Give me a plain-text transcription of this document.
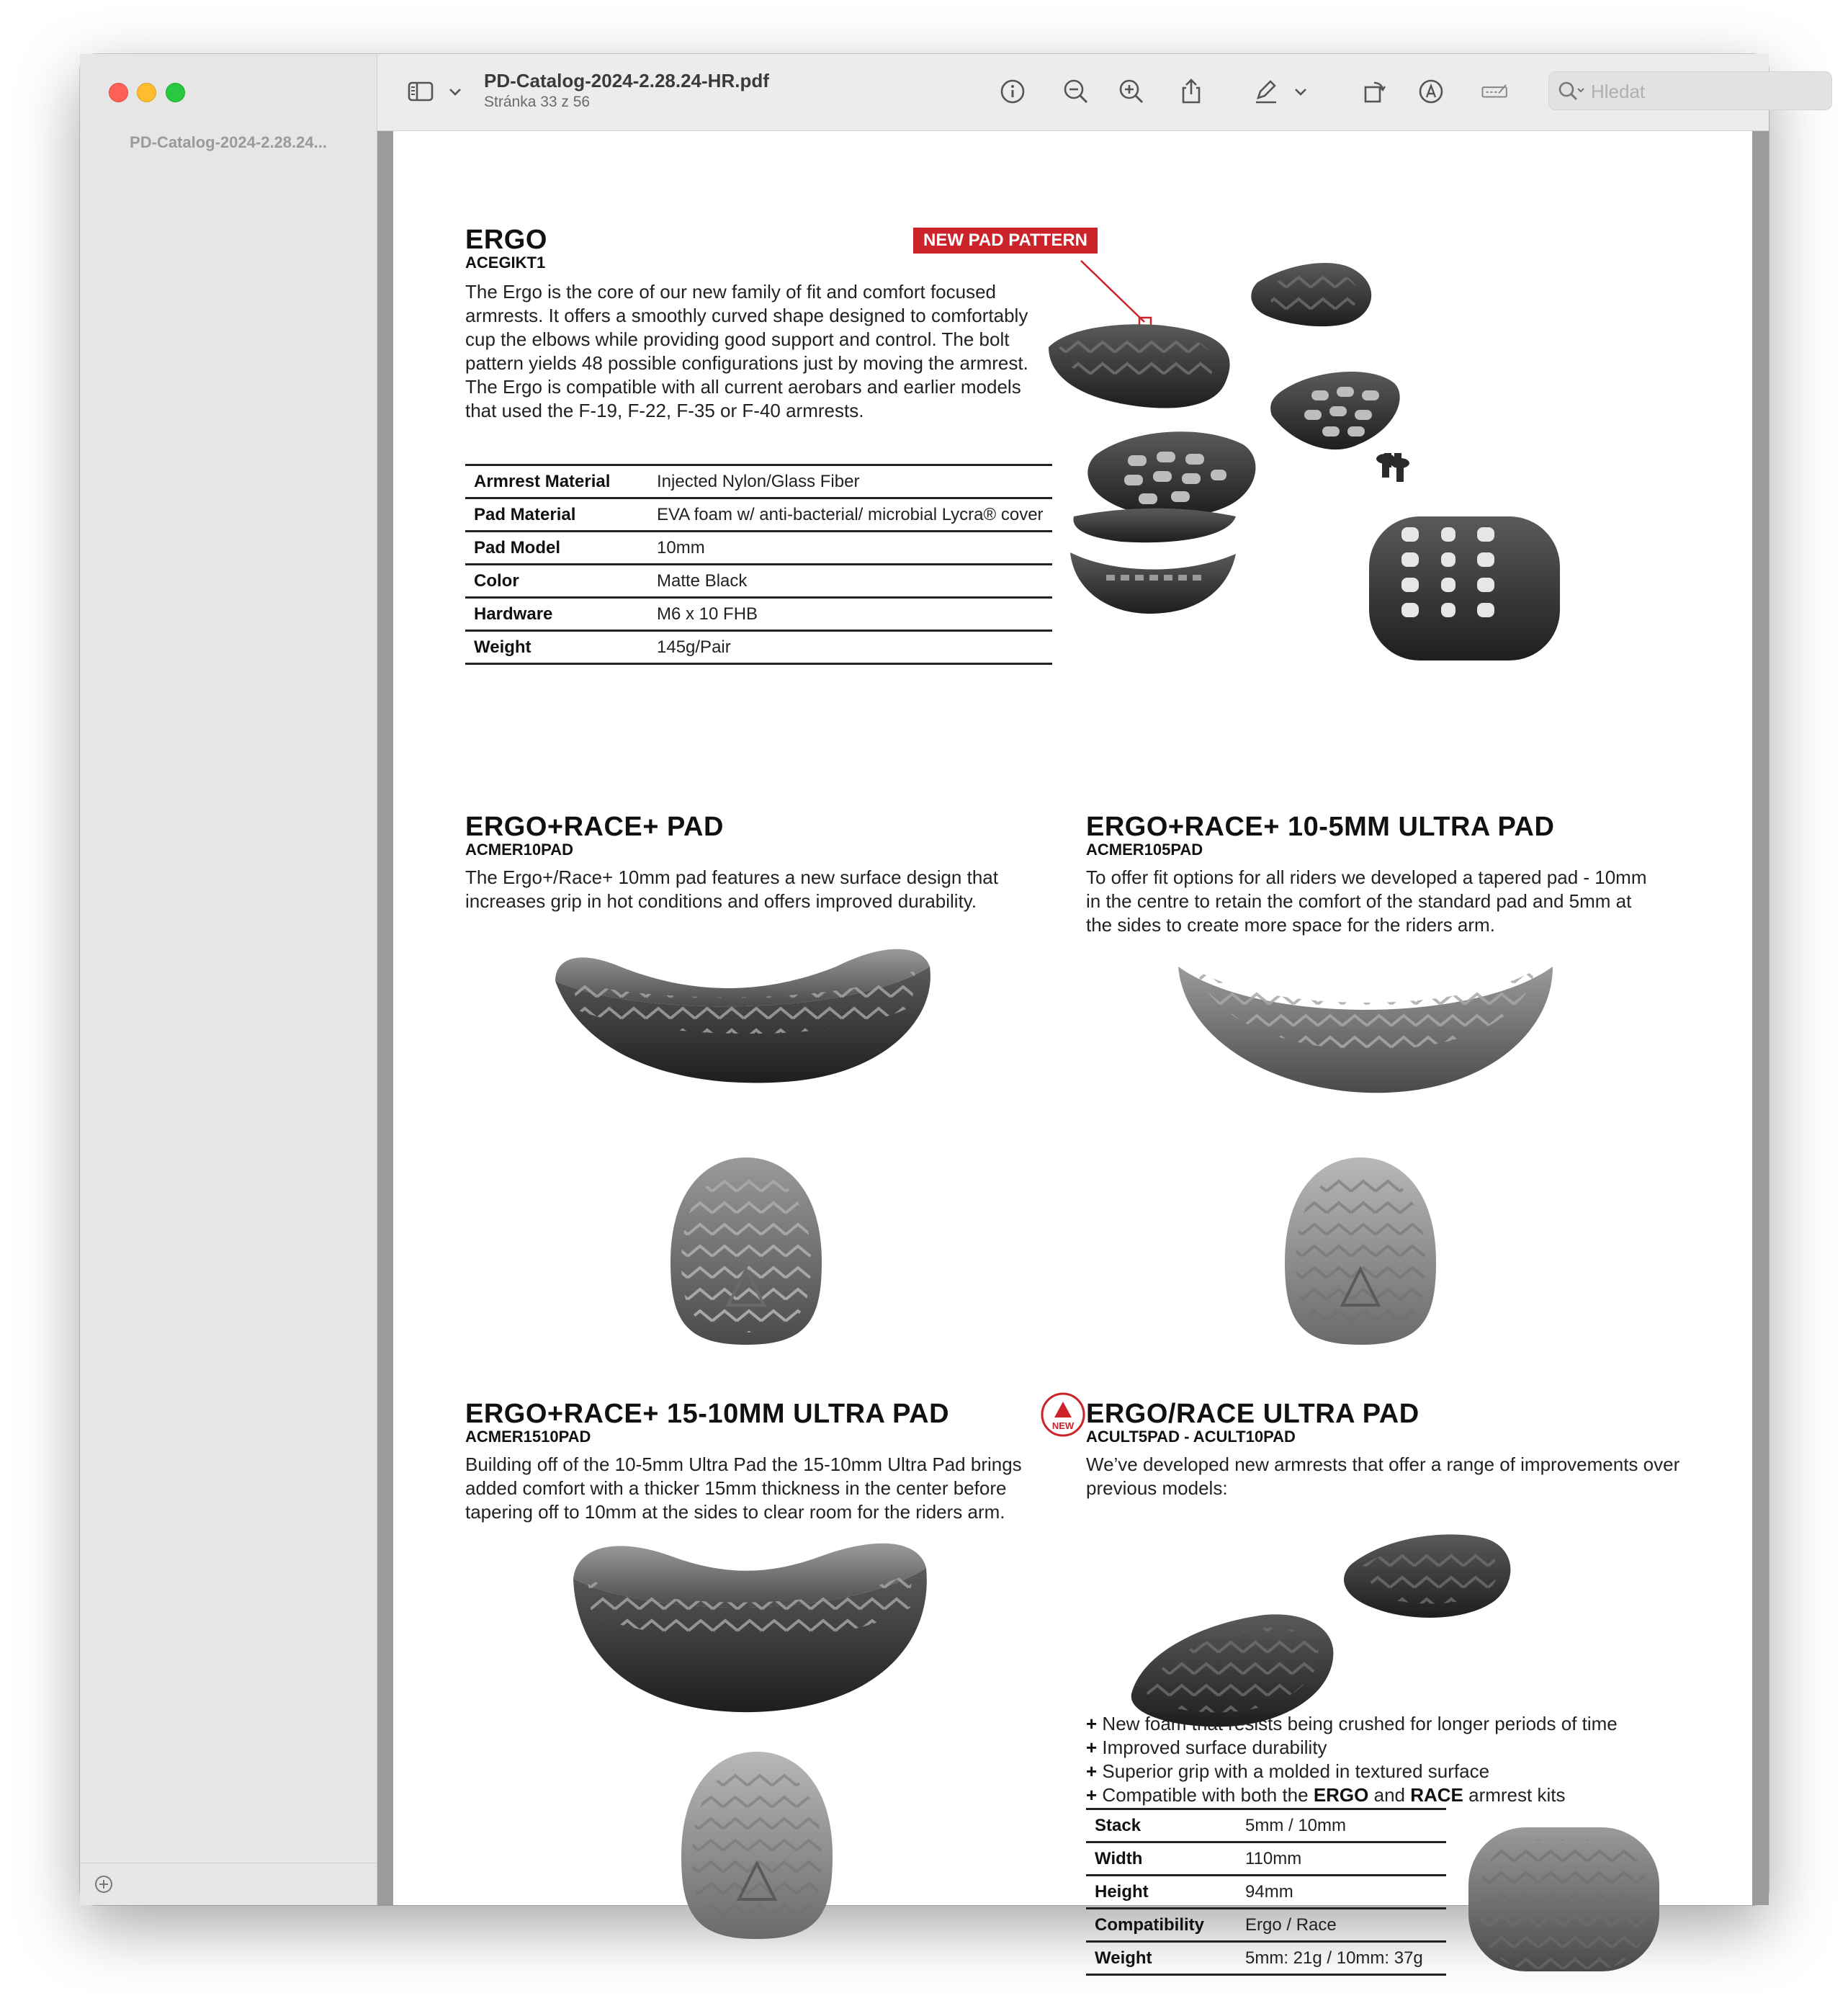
PD-Catalog-2024-2.28.24...
PD-Catalog-2024-2.28.24-HR.pdf
Stránka 33 z 56
Hledat
ERGO
ACEGIKT1
The Ergo is the core of our new family of fit and comfort focused armrests. It offers a smoothly curved shape designed to comfortably cup the elbows while providing good support and control. The bolt pattern yields 48 possible configurations just by moving the armrest. The Ergo is compatible with all current aerobars and earlier models that used the F-19, F-22, F-35 or F-40 armrests.
Armrest Material	Injected Nylon/Glass Fiber
Pad Material	EVA foam w/ anti-bacterial/ microbial Lycra® cover
Pad Model	10mm
Color	Matte Black
Hardware	M6 x 10 FHB
Weight	145g/Pair
NEW PAD PATTERN
ERGO+RACE+ PAD
ACMER10PAD
The Ergo+/Race+ 10mm pad features a new surface design that increases grip in hot conditions and offers improved durability.
ERGO+RACE+ 10-5MM ULTRA PAD
ACMER105PAD
To offer fit options for all riders we developed a tapered pad - 10mm in the centre to retain the comfort of the standard pad and 5mm at the sides to create more space for the riders arm.
ERGO+RACE+ 15-10MM ULTRA PAD	NEW
ACMER1510PAD
Building off of the 10-5mm Ultra Pad the 15-10mm Ultra Pad brings added comfort with a thicker 15mm thickness in the center before tapering off to 10mm at the sides to clear room for the riders arm.
ERGO/RACE ULTRA PAD
ACULT5PAD - ACULT10PAD
We’ve developed new armrests that offer a range of improvements over previous models:
+ New foam that resists being crushed for longer periods of time
+ Improved surface durability
+ Superior grip with a molded in textured surface
+ Compatible with both the ERGO and RACE armrest kits
Stack	5mm / 10mm
Width	110mm
Height	94mm
Compatibility	Ergo / Race
Weight	5mm: 21g / 10mm: 37g
